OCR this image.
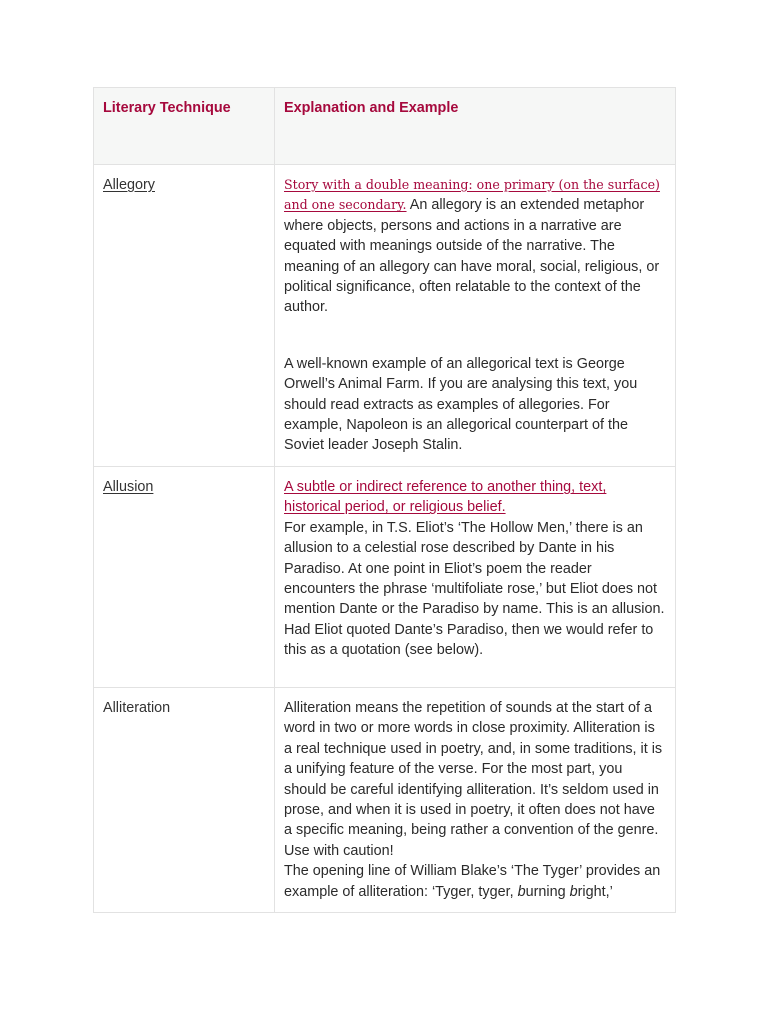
Literary Technique	Explanation and Example
Allegory	Story with a double meaning: one primary (on the surface) and one secondary. An allegory is an extended metaphor where objects, persons and actions in a narrative are equated with meanings outside of the narrative. The meaning of an allegory can have moral, social, religious, or political significance, often relatable to the context of the author.

A well-known example of an allegorical text is George Orwell’s Animal Farm. If you are analysing this text, you should read extracts as examples of allegories. For example, Napoleon is an allegorical counterpart of the Soviet leader Joseph Stalin.

Allusion	A subtle or indirect reference to another thing, text, historical period, or religious belief.

For example, in T.S. Eliot’s ‘The Hollow Men,’ there is an allusion to a celestial rose described by Dante in his Paradiso. At one point in Eliot’s poem the reader encounters the phrase ‘multifoliate rose,’ but Eliot does not mention Dante or the Paradiso by name. This is an allusion. Had Eliot quoted Dante’s Paradiso, then we would refer to this as a quotation (see below).

Alliteration	Alliteration means the repetition of sounds at the start of a word in two or more words in close proximity. Alliteration is a real technique used in poetry, and, in some traditions, it is a unifying feature of the verse. For the most part, you should be careful identifying alliteration. It’s seldom used in prose, and when it is used in poetry, it often does not have a specific meaning, being rather a convention of the genre. Use with caution!

The opening line of William Blake’s ‘The Tyger’ provides an example of alliteration: ‘Tyger, tyger, burning bright,’
